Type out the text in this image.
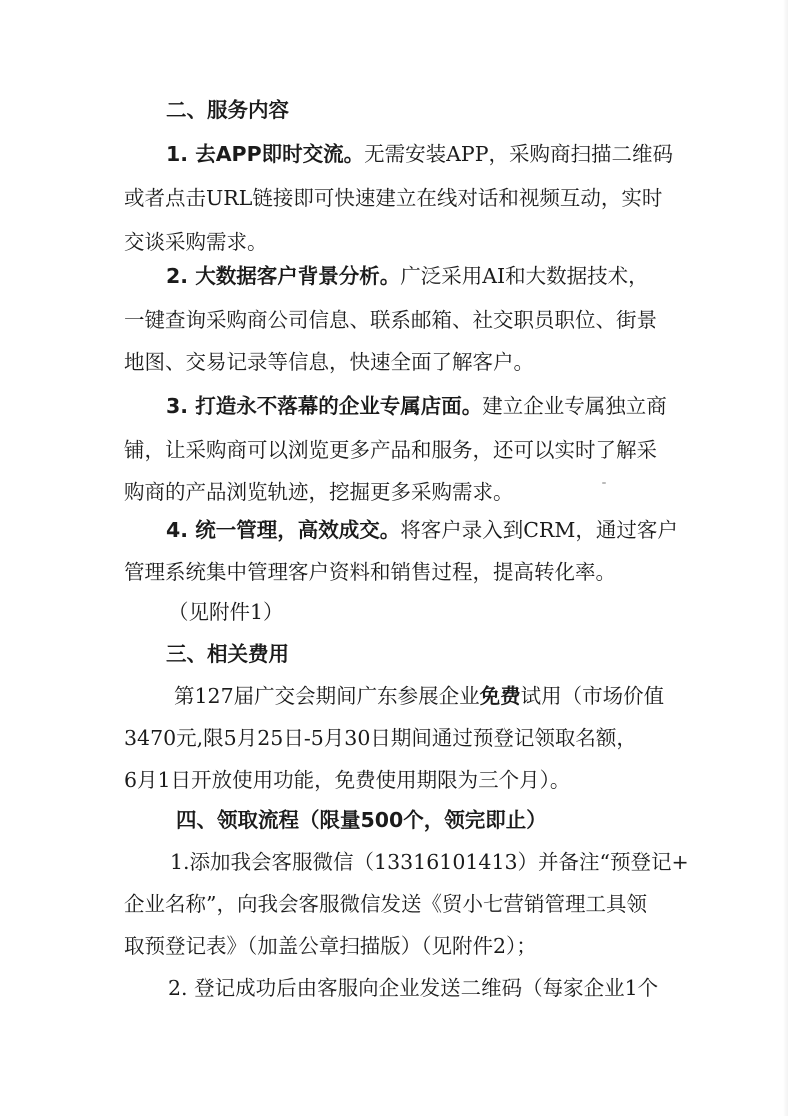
二、服务内容
1. 去APP即时交流。无需安装APP，采购商扫描二维码
或者点击URL链接即可快速建立在线对话和视频互动，实时
交谈采购需求。
2. 大数据客户背景分析。广泛采用AI和大数据技术，
一键查询采购商公司信息、联系邮箱、社交职员职位、街景
地图、交易记录等信息，快速全面了解客户。
3. 打造永不落幕的企业专属店面。建立企业专属独立商
铺，让采购商可以浏览更多产品和服务，还可以实时了解采
购商的产品浏览轨迹，挖掘更多采购需求。
4. 统一管理，高效成交。将客户录入到CRM，通过客户
管理系统集中管理客户资料和销售过程，提高转化率。
（见附件1）
三、相关费用
第127届广交会期间广东参展企业免费试用（市场价值
3470元,限5月25日-5月30日期间通过预登记领取名额，
6月1日开放使用功能，免费使用期限为三个月）。
四、领取流程（限量500个，领完即止）
1.添加我会客服微信（13316101413）并备注“预登记+
企业名称”，向我会客服微信发送《贸小七营销管理工具领
取预登记表》（加盖公章扫描版）（见附件2）；
2. 登记成功后由客服向企业发送二维码（每家企业1个
